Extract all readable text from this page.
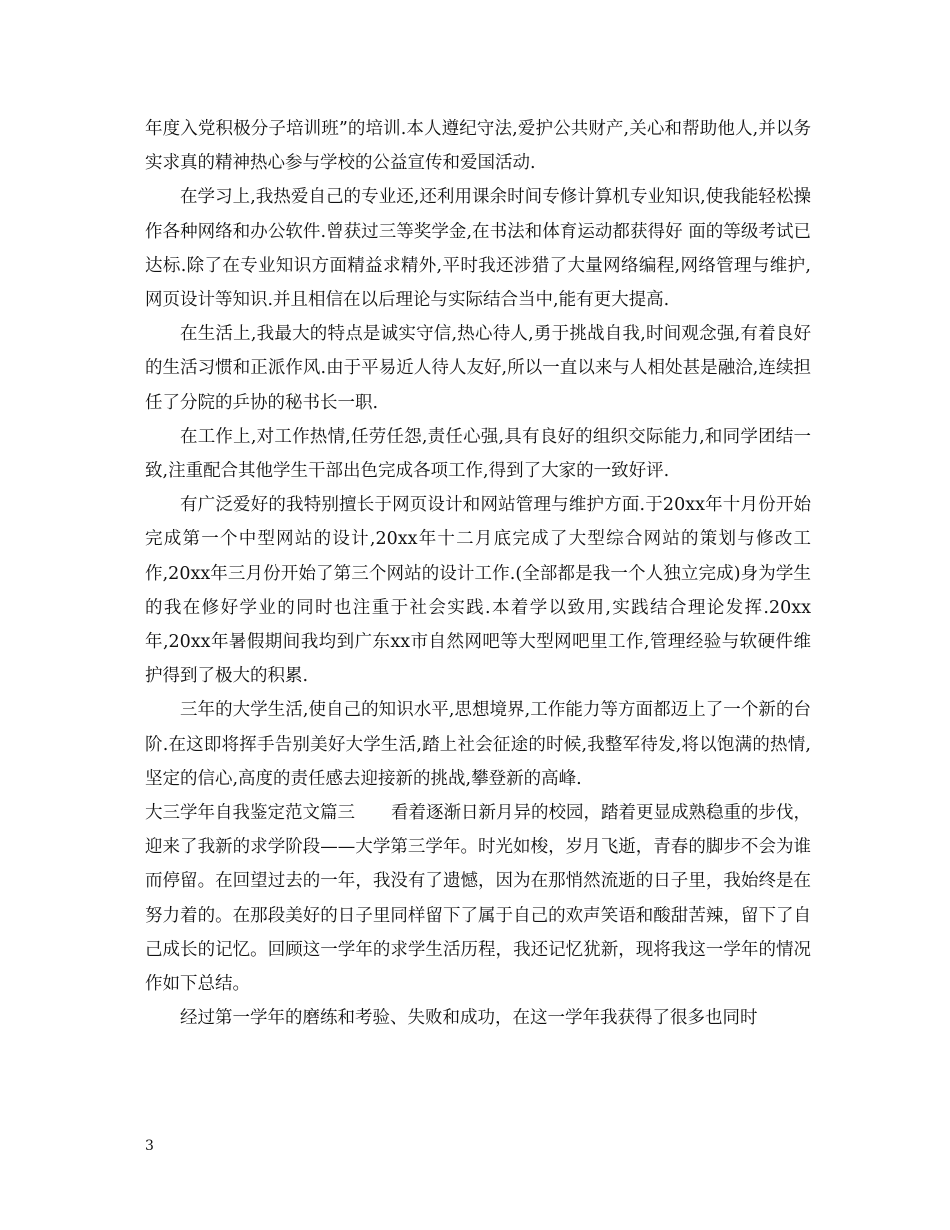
年度入党积极分子培训班”的培训.本人遵纪守法,爱护公共财产,关心和帮助他人,并以务实求真的精神热心参与学校的公益宣传和爱国活动.

在学习上,我热爱自己的专业还,还利用课余时间专修计算机专业知识,使我能轻松操作各种网络和办公软件.曾获过三等奖学金,在书法和体育运动都获得好 面的等级考试已达标.除了在专业知识方面精益求精外,平时我还涉猎了大量网络编程,网络管理与维护,网页设计等知识.并且相信在以后理论与实际结合当中,能有更大提高.

在生活上,我最大的特点是诚实守信,热心待人,勇于挑战自我,时间观念强,有着良好的生活习惯和正派作风.由于平易近人待人友好,所以一直以来与人相处甚是融洽,连续担任了分院的乒协的秘书长一职.

在工作上,对工作热情,任劳任怨,责任心强,具有良好的组织交际能力,和同学团结一致,注重配合其他学生干部出色完成各项工作,得到了大家的一致好评.

有广泛爱好的我特别擅长于网页设计和网站管理与维护方面.于20xx年十月份开始完成第一个中型网站的设计,20xx年十二月底完成了大型综合网站的策划与修改工作,20xx年三月份开始了第三个网站的设计工作.(全部都是我一个人独立完成)身为学生的我在修好学业的同时也注重于社会实践.本着学以致用,实践结合理论发挥.20xx年,20xx年暑假期间我均到广东xx市自然网吧等大型网吧里工作,管理经验与软硬件维护得到了极大的积累.

三年的大学生活,使自己的知识水平,思想境界,工作能力等方面都迈上了一个新的台阶.在这即将挥手告别美好大学生活,踏上社会征途的时候,我整军待发,将以饱满的热情,坚定的信心,高度的责任感去迎接新的挑战,攀登新的高峰.

大三学年自我鉴定范文篇三 看着逐渐日新月异的校园，踏着更显成熟稳重的步伐，迎来了我新的求学阶段——大学第三学年。时光如梭，岁月飞逝，青春的脚步不会为谁而停留。在回望过去的一年，我没有了遗憾，因为在那悄然流逝的日子里，我始终是在努力着的。在那段美好的日子里同样留下了属于自己的欢声笑语和酸甜苦辣，留下了自己成长的记忆。回顾这一学年的求学生活历程，我还记忆犹新，现将我这一学年的情况作如下总结。

经过第一学年的磨练和考验、失败和成功，在这一学年我获得了很多也同时

3
